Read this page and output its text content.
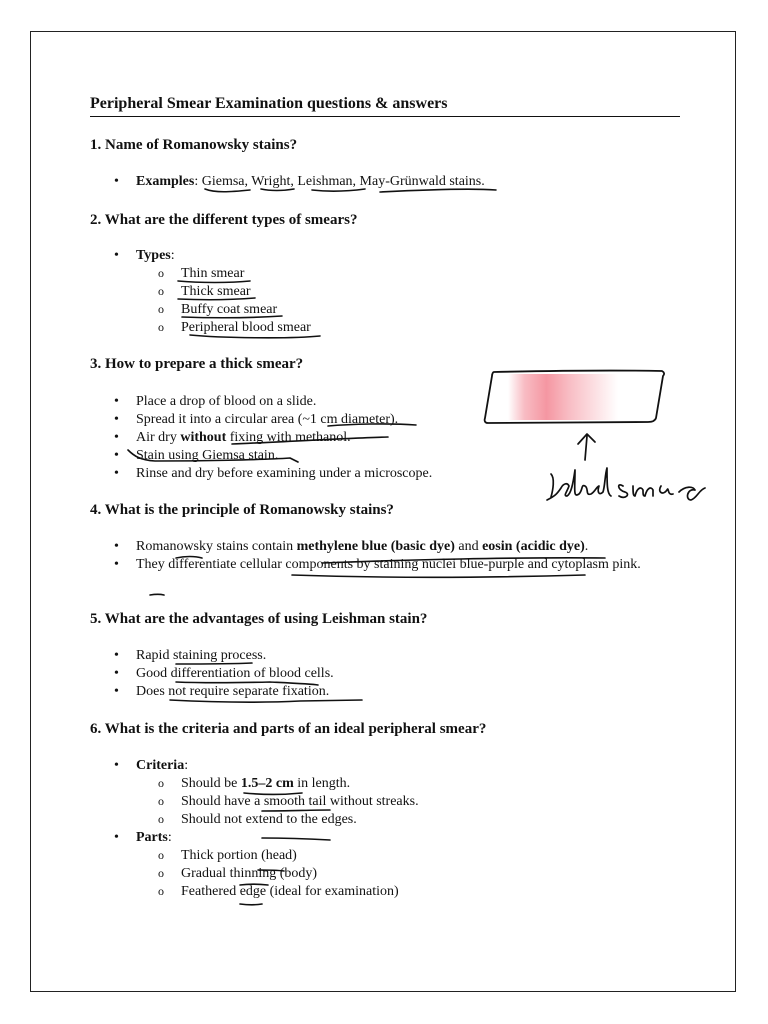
Peripheral Smear Examination questions & answers
1. Name of Romanowsky stains?
• Examples: Giemsa, Wright, Leishman, May-Grünwald stains.
2. What are the different types of smears?
• Types:
o Thin smear
o Thick smear
o Buffy coat smear
o Peripheral blood smear
3. How to prepare a thick smear?
• Place a drop of blood on a slide.
• Spread it into a circular area (~1 cm diameter).
• Air dry without fixing with methanol.
• Stain using Giemsa stain.
• Rinse and dry before examining under a microscope.
4. What is the principle of Romanowsky stains?
• Romanowsky stains contain methylene blue (basic dye) and eosin (acidic dye).
• They differentiate cellular components by staining nuclei blue-purple and cytoplasm pink.
5. What are the advantages of using Leishman stain?
• Rapid staining process.
• Good differentiation of blood cells.
• Does not require separate fixation.
6. What is the criteria and parts of an ideal peripheral smear?
• Criteria:
o Should be 1.5–2 cm in length.
o Should have a smooth tail without streaks.
o Should not extend to the edges.
• Parts:
o Thick portion (head)
o Gradual thinning (body)
o Feathered edge (ideal for examination)
